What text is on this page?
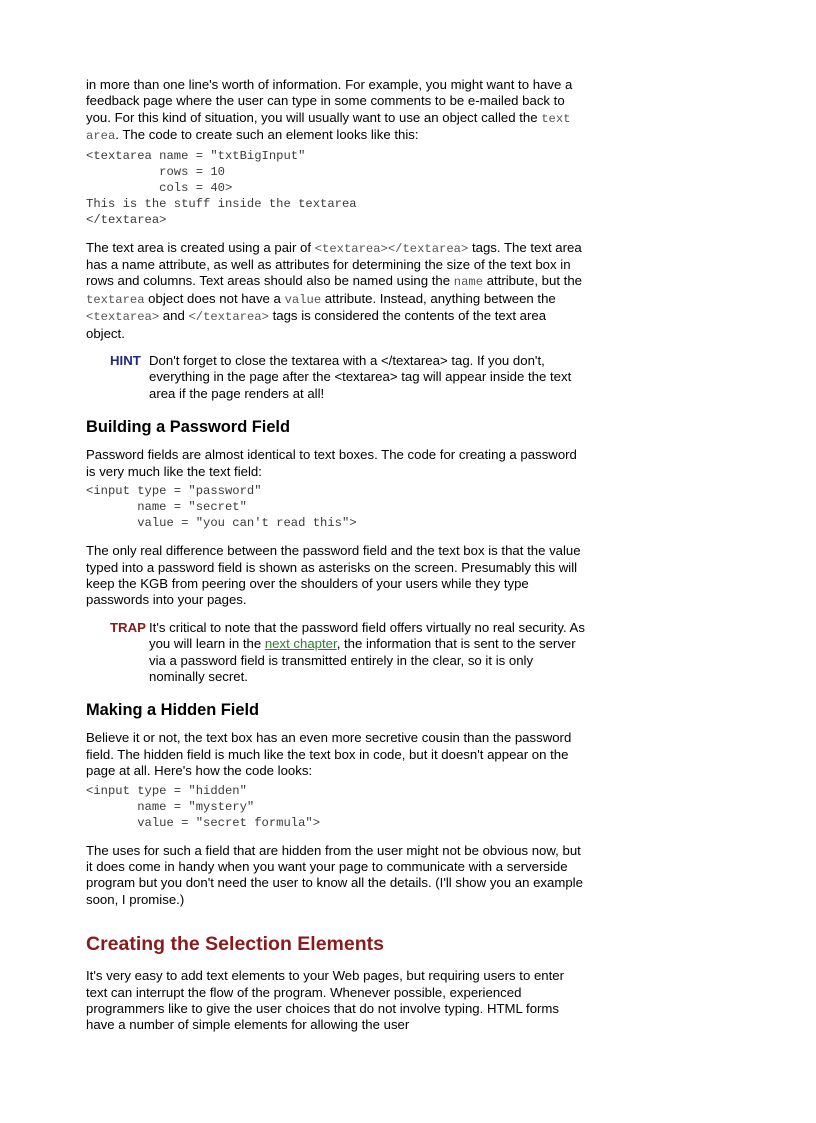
in more than one line's worth of information. For example, you might want to have a feedback page where the user can type in some comments to be e-mailed back to you. For this kind of situation, you will usually want to use an object called the text area. The code to create such an element looks like this:

<textarea name = "txtBigInput"
rows = 10
cols = 40>
This is the stuff inside the textarea
</textarea>

The text area is created using a pair of <textarea></textarea> tags. The text area has a name attribute, as well as attributes for determining the size of the text box in rows and columns. Text areas should also be named using the name attribute, but the textarea object does not have a value attribute. Instead, anything between the <textarea> and </textarea> tags is considered the contents of the text area object.

HINT Don't forget to close the textarea with a </textarea> tag. If you don't, everything in the page after the <textarea> tag will appear inside the text area if the page renders at all!

Building a Password Field

Password fields are almost identical to text boxes. The code for creating a password is very much like the text field:

<input type = "password"
name = "secret"
value = "you can't read this">

The only real difference between the password field and the text box is that the value typed into a password field is shown as asterisks on the screen. Presumably this will keep the KGB from peering over the shoulders of your users while they type passwords into your pages.

TRAP It's critical to note that the password field offers virtually no real security. As you will learn in the next chapter, the information that is sent to the server via a password field is transmitted entirely in the clear, so it is only nominally secret.

Making a Hidden Field

Believe it or not, the text box has an even more secretive cousin than the password field. The hidden field is much like the text box in code, but it doesn't appear on the page at all. Here's how the code looks:

<input type = "hidden"
name = "mystery"
value = "secret formula">

The uses for such a field that are hidden from the user might not be obvious now, but it does come in handy when you want your page to communicate with a serverside program but you don't need the user to know all the details. (I'll show you an example soon, I promise.)

Creating the Selection Elements

It's very easy to add text elements to your Web pages, but requiring users to enter text can interrupt the flow of the program. Whenever possible, experienced programmers like to give the user choices that do not involve typing. HTML forms have a number of simple elements for allowing the user
